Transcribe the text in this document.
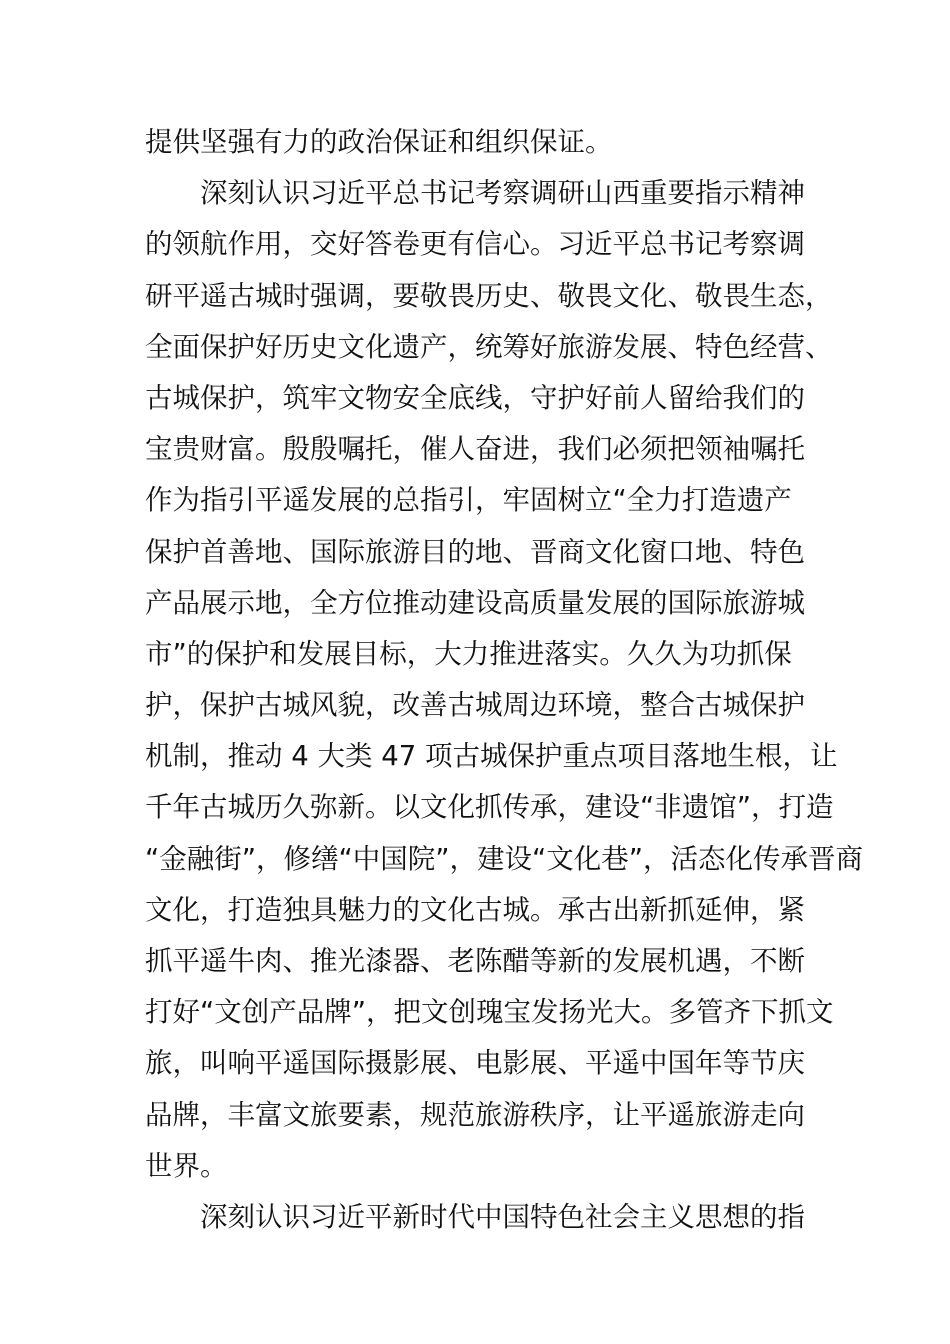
提供坚强有力的政治保证和组织保证。
　　深刻认识习近平总书记考察调研山西重要指示精神
的领航作用，交好答卷更有信心。习近平总书记考察调
研平遥古城时强调，要敬畏历史、敬畏文化、敬畏生态，
全面保护好历史文化遗产，统筹好旅游发展、特色经营、
古城保护，筑牢文物安全底线，守护好前人留给我们的
宝贵财富。殷殷嘱托，催人奋进，我们必须把领袖嘱托
作为指引平遥发展的总指引，牢固树立“全力打造遗产
保护首善地、国际旅游目的地、晋商文化窗口地、特色
产品展示地，全方位推动建设高质量发展的国际旅游城
市”的保护和发展目标，大力推进落实。久久为功抓保
护，保护古城风貌，改善古城周边环境，整合古城保护
机制，推动 4 大类 47 项古城保护重点项目落地生根，让
千年古城历久弥新。以文化抓传承，建设“非遗馆”，打造
“金融街”，修缮“中国院”，建设“文化巷”，活态化传承晋商
文化，打造独具魅力的文化古城。承古出新抓延伸，紧
抓平遥牛肉、推光漆器、老陈醋等新的发展机遇，不断
打好“文创产品牌”，把文创瑰宝发扬光大。多管齐下抓文
旅，叫响平遥国际摄影展、电影展、平遥中国年等节庆
品牌，丰富文旅要素，规范旅游秩序，让平遥旅游走向
世界。
　　深刻认识习近平新时代中国特色社会主义思想的指
